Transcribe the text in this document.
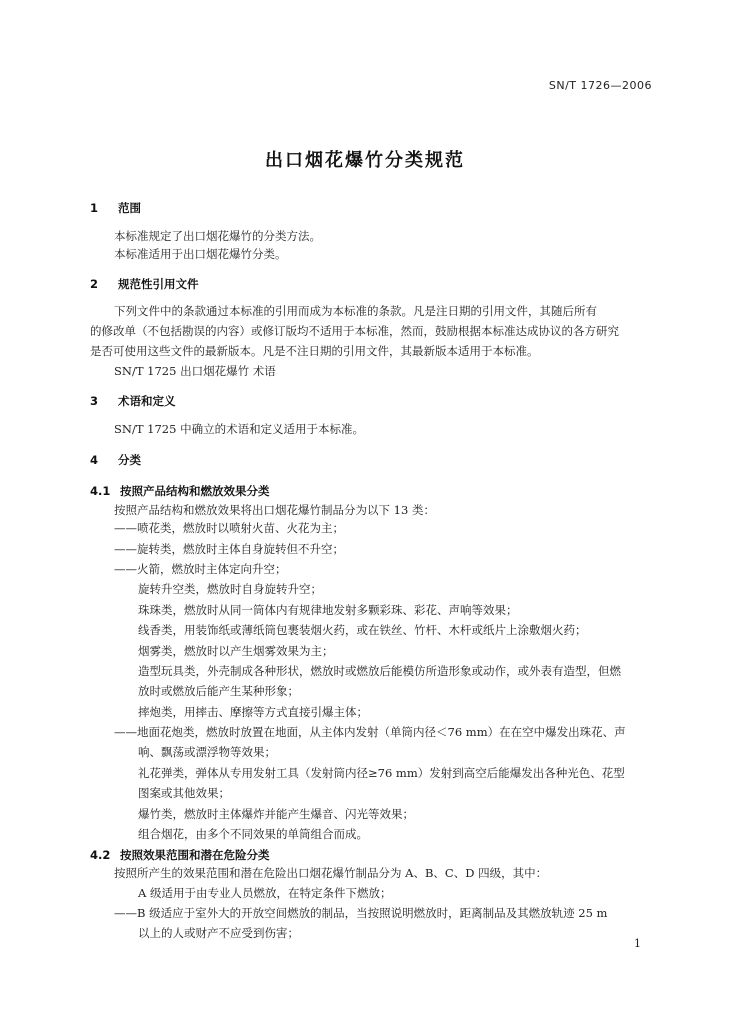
SN/T 1726—2006
出口烟花爆竹分类规范
1 范围
本标准规定了出口烟花爆竹的分类方法。
本标准适用于出口烟花爆竹分类。
2 规范性引用文件
下列文件中的条款通过本标准的引用而成为本标准的条款。凡是注日期的引用文件，其随后所有
的修改单（不包括勘误的内容）或修订版均不适用于本标准，然而，鼓励根据本标准达成协议的各方研究
是否可使用这些文件的最新版本。凡是不注日期的引用文件，其最新版本适用于本标准。
SN/T 1725 出口烟花爆竹 术语
3 术语和定义
SN/T 1725 中确立的术语和定义适用于本标准。
4 分类
4.1 按照产品结构和燃放效果分类
按照产品结构和燃放效果将出口烟花爆竹制品分为以下 13 类：
——喷花类，燃放时以喷射火苗、火花为主；
——旋转类，燃放时主体自身旋转但不升空；
——火箭，燃放时主体定向升空；
旋转升空类，燃放时自身旋转升空；
珠珠类，燃放时从同一筒体内有规律地发射多颗彩珠、彩花、声响等效果；
线香类，用装饰纸或薄纸筒包裹装烟火药，或在铁丝、竹杆、木杆或纸片上涂敷烟火药；
烟雾类，燃放时以产生烟雾效果为主；
造型玩具类，外壳制成各种形状，燃放时或燃放后能模仿所造形象或动作，或外表有造型，但燃
放时或燃放后能产生某种形象；
摔炮类，用摔击、摩擦等方式直接引爆主体；
——地面花炮类，燃放时放置在地面，从主体内发射（单筒内径＜76 mm）在在空中爆发出珠花、声
响、飘荡或漂浮物等效果；
礼花弹类，弹体从专用发射工具（发射筒内径≥76 mm）发射到高空后能爆发出各种光色、花型
图案或其他效果；
爆竹类，燃放时主体爆炸并能产生爆音、闪光等效果；
组合烟花，由多个不同效果的单筒组合而成。
4.2 按照效果范围和潜在危险分类
按照所产生的效果范围和潜在危险出口烟花爆竹制品分为 A、B、C、D 四级，其中：
A 级适用于由专业人员燃放，在特定条件下燃放；
——B 级适应于室外大的开放空间燃放的制品，当按照说明燃放时，距离制品及其燃放轨迹 25 m
以上的人或财产不应受到伤害；
1
